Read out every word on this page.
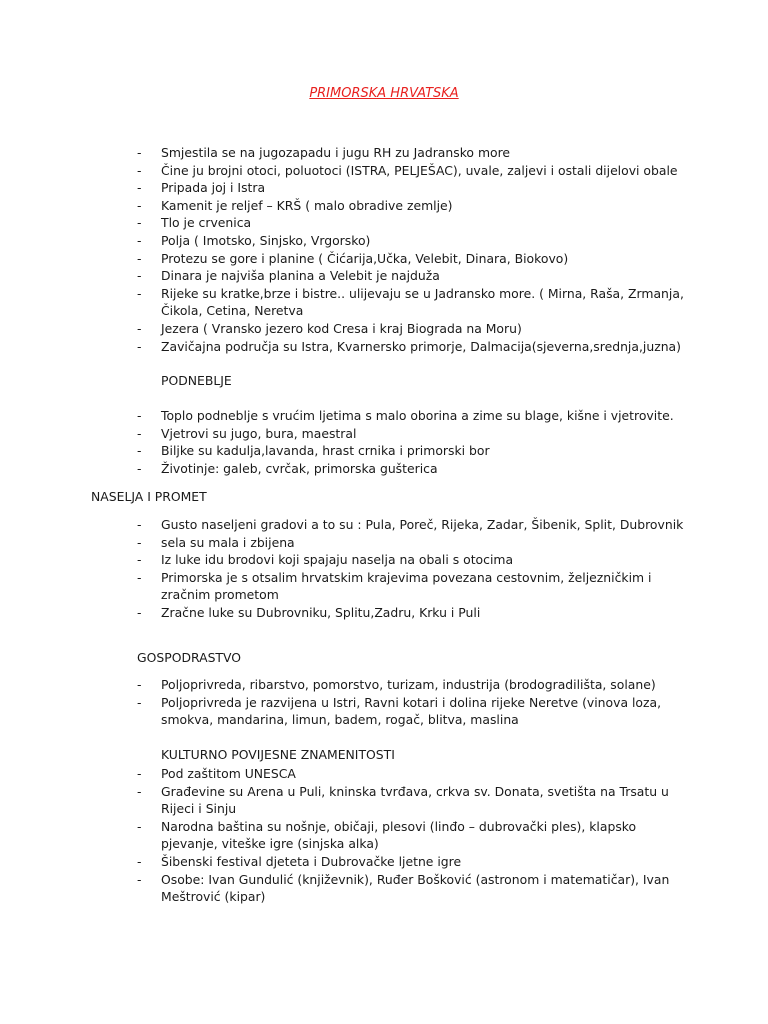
PRIMORSKA HRVATSKA
- Smjestila se na jugozapadu i jugu RH zu Jadransko more
- Čine ju brojni otoci, poluotoci (ISTRA, PELJEŠAC), uvale, zaljevi i ostali dijelovi obale
- Pripada joj i Istra
- Kamenit je reljef – KRŠ ( malo obradive zemlje)
- Tlo je crvenica
- Polja ( Imotsko, Sinjsko, Vrgorsko)
- Protezu se gore i planine ( Čićarija,Učka, Velebit, Dinara, Biokovo)
- Dinara je najviša planina a Velebit je najduža
- Rijeke su kratke,brze i bistre.. ulijevaju se u Jadransko more. ( Mirna, Raša, Zrmanja, Čikola, Cetina, Neretva
- Jezera ( Vransko jezero kod Cresa i kraj Biograda na Moru)
- Zavičajna područja su Istra, Kvarnersko primorje, Dalmacija(sjeverna,srednja,juzna)
PODNEBLJE
- Toplo podneblje s vrućim ljetima s malo oborina a zime su blage, kišne i vjetrovite.
- Vjetrovi su jugo, bura, maestral
- Biljke su kadulja,lavanda, hrast crnika i primorski bor
- Životinje: galeb, cvrčak, primorska gušterica
NASELJA I PROMET
- Gusto naseljeni gradovi a to su : Pula, Poreč, Rijeka, Zadar, Šibenik, Split, Dubrovnik
- sela su mala i zbijena
- Iz luke idu brodovi koji spajaju naselja na obali s otocima
- Primorska je s otsalim hrvatskim krajevima povezana cestovnim, željezničkim i zračnim prometom
- Zračne luke su Dubrovniku, Splitu,Zadru, Krku i Puli
GOSPODRASTVO
- Poljoprivreda, ribarstvo, pomorstvo, turizam, industrija (brodogradilišta, solane)
- Poljoprivreda je razvijena u Istri, Ravni kotari i dolina rijeke Neretve (vinova loza, smokva, mandarina, limun, badem, rogač, blitva, maslina
KULTURNO POVIJESNE ZNAMENITOSTI
- Pod zaštitom UNESCA
- Građevine su Arena u Puli, kninska tvrđava, crkva sv. Donata, svetišta na Trsatu u Rijeci i Sinju
- Narodna baština su nošnje, običaji, plesovi (linđo – dubrovački ples), klapsko pjevanje, viteške igre (sinjska alka)
- Šibenski festival djeteta i Dubrovačke ljetne igre
- Osobe: Ivan Gundulić (književnik), Ruđer Bošković (astronom i matematičar), Ivan Meštrović (kipar)
